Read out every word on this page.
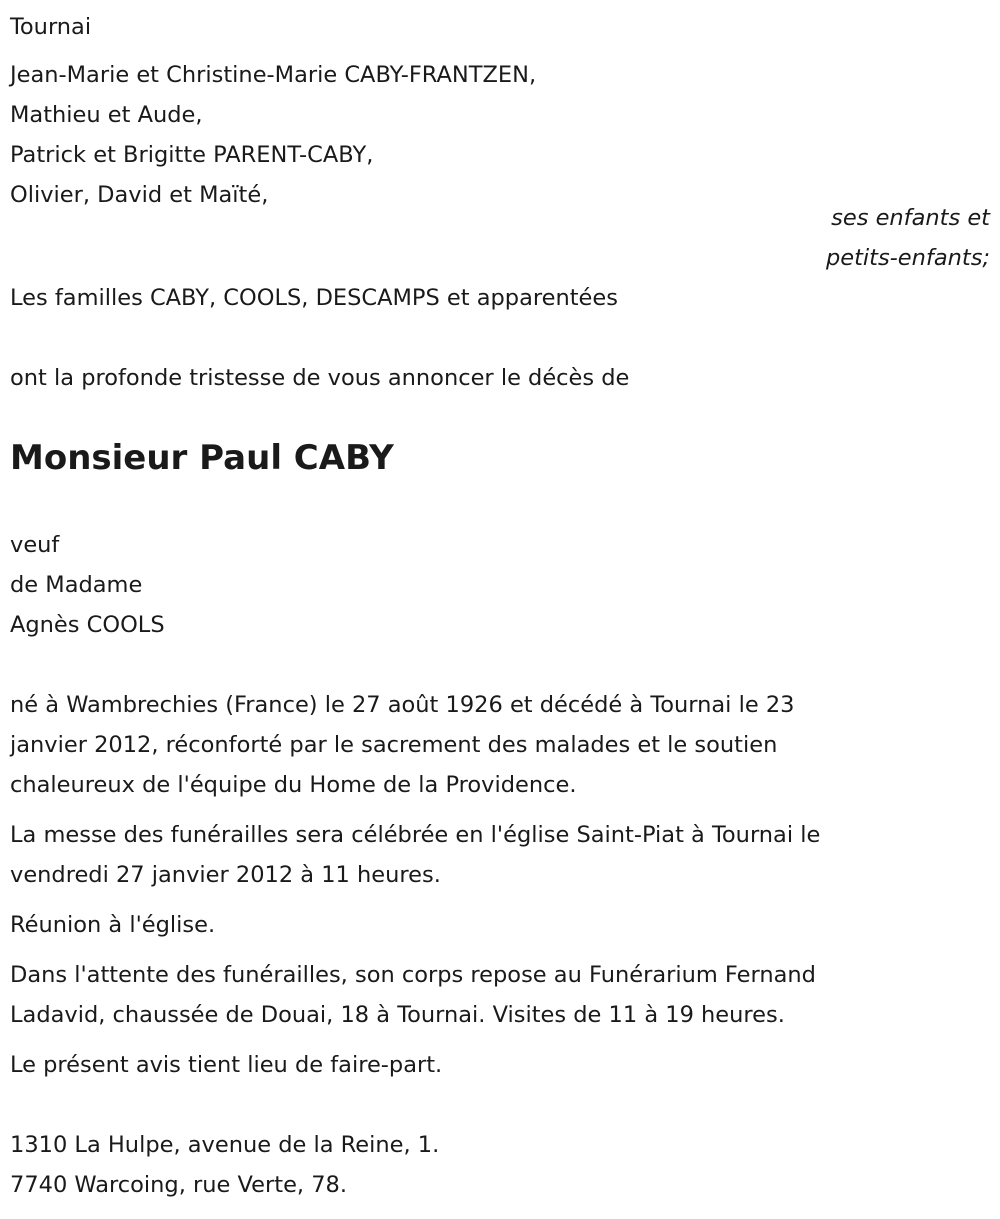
Tournai
Jean-Marie et Christine-Marie CABY-FRANTZEN,
Mathieu et Aude,
Patrick et Brigitte PARENT-CABY,
Olivier, David et Maïté,
ses enfants et
petits-enfants;
Les familles CABY, COOLS, DESCAMPS et apparentées
ont la profonde tristesse de vous annoncer le décès de
Monsieur Paul CABY
veuf
de Madame
Agnès COOLS
né à Wambrechies (France) le 27 août 1926 et décédé à Tournai le 23
janvier 2012, réconforté par le sacrement des malades et le soutien
chaleureux de l'équipe du Home de la Providence.
La messe des funérailles sera célébrée en l'église Saint-Piat à Tournai le
vendredi 27 janvier 2012 à 11 heures.
Réunion à l'église.
Dans l'attente des funérailles, son corps repose au Funérarium Fernand
Ladavid, chaussée de Douai, 18 à Tournai. Visites de 11 à 19 heures.
Le présent avis tient lieu de faire-part.
1310 La Hulpe, avenue de la Reine, 1.
7740 Warcoing, rue Verte, 78.
